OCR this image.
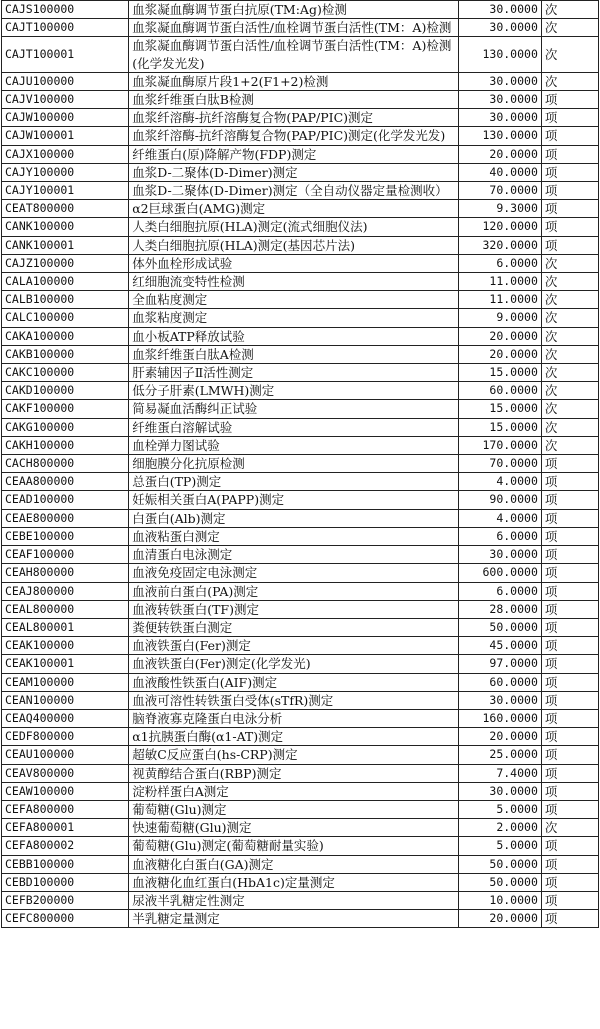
CAJS100000	血浆凝血酶调节蛋白抗原(TM:Ag)检测	30.0000	次
CAJT100000	血浆凝血酶调节蛋白活性/血栓调节蛋白活性(TM：A)检测	30.0000	次
CAJT100001	血浆凝血酶调节蛋白活性/血栓调节蛋白活性(TM：A)检测(化学发光发)	130.0000	次
CAJU100000	血浆凝血酶原片段1+2(F1+2)检测	30.0000	次
CAJV100000	血浆纤维蛋白肽B检测	30.0000	项
CAJW100000	血浆纤溶酶-抗纤溶酶复合物(PAP/PIC)测定	30.0000	项
CAJW100001	血浆纤溶酶-抗纤溶酶复合物(PAP/PIC)测定(化学发光发)	130.0000	项
CAJX100000	纤维蛋白(原)降解产物(FDP)测定	20.0000	项
CAJY100000	血浆D-二聚体(D-Dimer)测定	40.0000	项
CAJY100001	血浆D-二聚体(D-Dimer)测定（全自动仪器定量检测收）	70.0000	项
CEAT800000	α2巨球蛋白(AMG)测定	9.3000	项
CANK100000	人类白细胞抗原(HLA)测定(流式细胞仪法)	120.0000	项
CANK100001	人类白细胞抗原(HLA)测定(基因芯片法)	320.0000	项
CAJZ100000	体外血栓形成试验	6.0000	次
CALA100000	红细胞流变特性检测	11.0000	次
CALB100000	全血粘度测定	11.0000	次
CALC100000	血浆粘度测定	9.0000	次
CAKA100000	血小板ATP释放试验	20.0000	次
CAKB100000	血浆纤维蛋白肽A检测	20.0000	次
CAKC100000	肝素辅因子Ⅱ活性测定	15.0000	次
CAKD100000	低分子肝素(LMWH)测定	60.0000	次
CAKF100000	简易凝血活酶纠正试验	15.0000	次
CAKG100000	纤维蛋白溶解试验	15.0000	次
CAKH100000	血栓弹力图试验	170.0000	次
CACH800000	细胞膜分化抗原检测	70.0000	项
CEAA800000	总蛋白(TP)测定	4.0000	项
CEAD100000	妊娠相关蛋白A(PAPP)测定	90.0000	项
CEAE800000	白蛋白(Alb)测定	4.0000	项
CEBE100000	血液粘蛋白测定	6.0000	项
CEAF100000	血清蛋白电泳测定	30.0000	项
CEAH800000	血液免疫固定电泳测定	600.0000	项
CEAJ800000	血液前白蛋白(PA)测定	6.0000	项
CEAL800000	血液转铁蛋白(TF)测定	28.0000	项
CEAL800001	粪便转铁蛋白测定	50.0000	项
CEAK100000	血液铁蛋白(Fer)测定	45.0000	项
CEAK100001	血液铁蛋白(Fer)测定(化学发光)	97.0000	项
CEAM100000	血液酸性铁蛋白(AIF)测定	60.0000	项
CEAN100000	血液可溶性转铁蛋白受体(sTfR)测定	30.0000	项
CEAQ400000	脑脊液寡克隆蛋白电泳分析	160.0000	项
CEDF800000	α1抗胰蛋白酶(α1-AT)测定	20.0000	项
CEAU100000	超敏C反应蛋白(hs-CRP)测定	25.0000	项
CEAV800000	视黄醇结合蛋白(RBP)测定	7.4000	项
CEAW100000	淀粉样蛋白A测定	30.0000	项
CEFA800000	葡萄糖(Glu)测定	5.0000	项
CEFA800001	快速葡萄糖(Glu)测定	2.0000	次
CEFA800002	葡萄糖(Glu)测定(葡萄糖耐量实验)	5.0000	项
CEBB100000	血液糖化白蛋白(GA)测定	50.0000	项
CEBD100000	血液糖化血红蛋白(HbA1c)定量测定	50.0000	项
CEFB200000	尿液半乳糖定性测定	10.0000	项
CEFC800000	半乳糖定量测定	20.0000	项
